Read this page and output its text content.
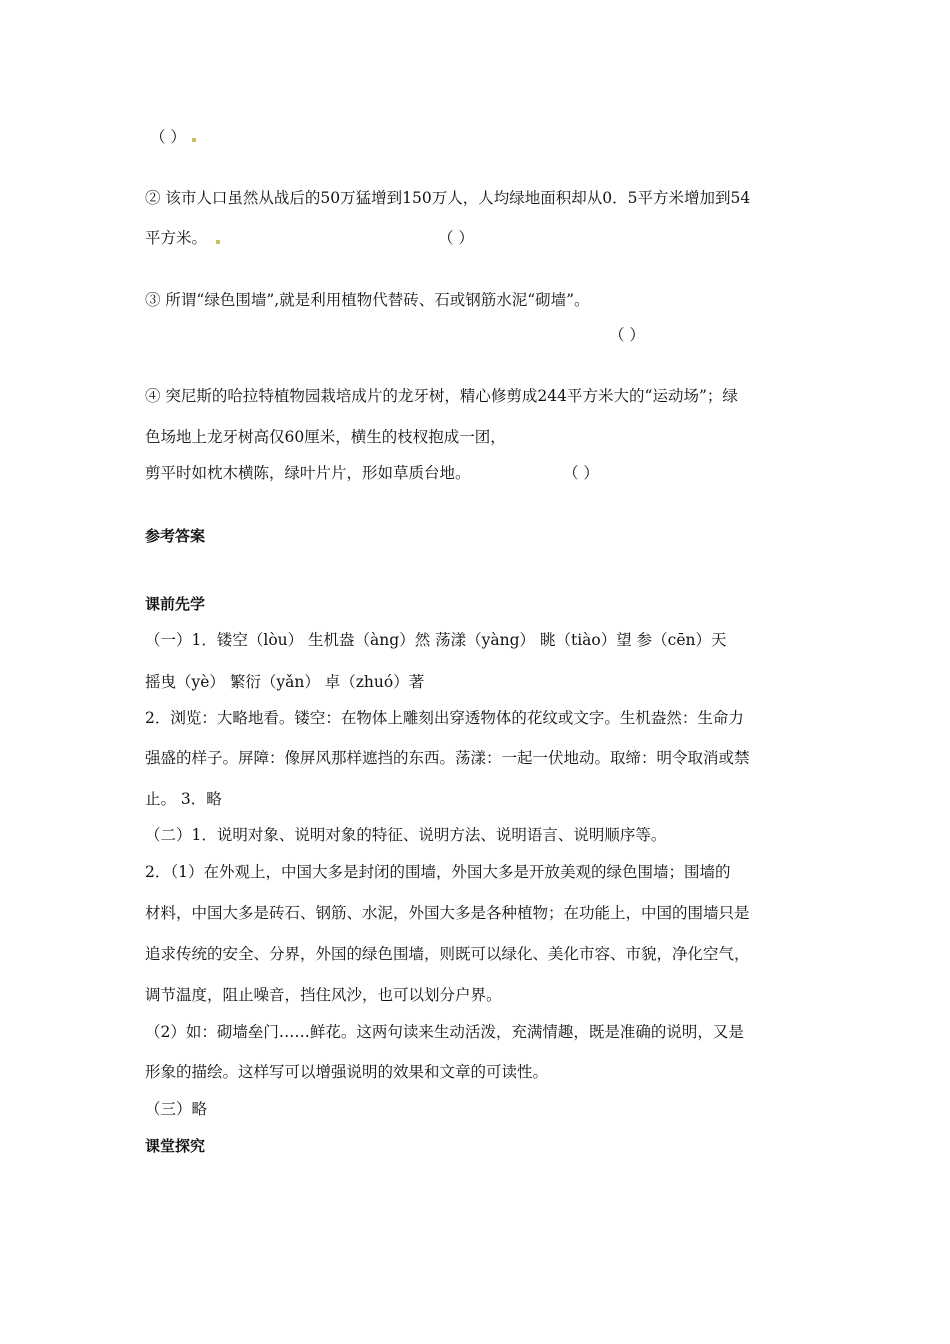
（ ）
② 该市人口虽然从战后的50万猛增到150万人，人均绿地面积却从0．5平方米增加到54
平方米。	（ ）
③ 所谓“绿色围墙”,就是利用植物代替砖、石或钢筋水泥“砌墙”。
（ ）
④ 突尼斯的哈拉特植物园栽培成片的龙牙树，精心修剪成244平方米大的“运动场”；绿
色场地上龙牙树高仅60厘米，横生的枝杈抱成一团，
剪平时如枕木横陈，绿叶片片，形如草质台地。	（ ）
参考答案
课前先学
（一）1．镂空（lòu） 生机盎（àng）然 荡漾（yàng） 眺（tiào）望 参（cēn）天
摇曳（yè） 繁衍（yǎn） 卓（zhuó）著
2．浏览：大略地看。镂空：在物体上雕刻出穿透物体的花纹或文字。生机盎然：生命力
强盛的样子。屏障：像屏风那样遮挡的东西。荡漾：一起一伏地动。取缔：明令取消或禁
止。 3．略
（二）1．说明对象、说明对象的特征、说明方法、说明语言、说明顺序等。
2．（1）在外观上，中国大多是封闭的围墙，外国大多是开放美观的绿色围墙；围墙的
材料，中国大多是砖石、钢筋、水泥，外国大多是各种植物；在功能上，中国的围墙只是
追求传统的安全、分界，外国的绿色围墙，则既可以绿化、美化市容、市貌，净化空气，
调节温度，阻止噪音，挡住风沙，也可以划分户界。
（2）如：砌墙垒门……鲜花。这两句读来生动活泼，充满情趣，既是准确的说明，又是
形象的描绘。这样写可以增强说明的效果和文章的可读性。
（三）略
课堂探究
